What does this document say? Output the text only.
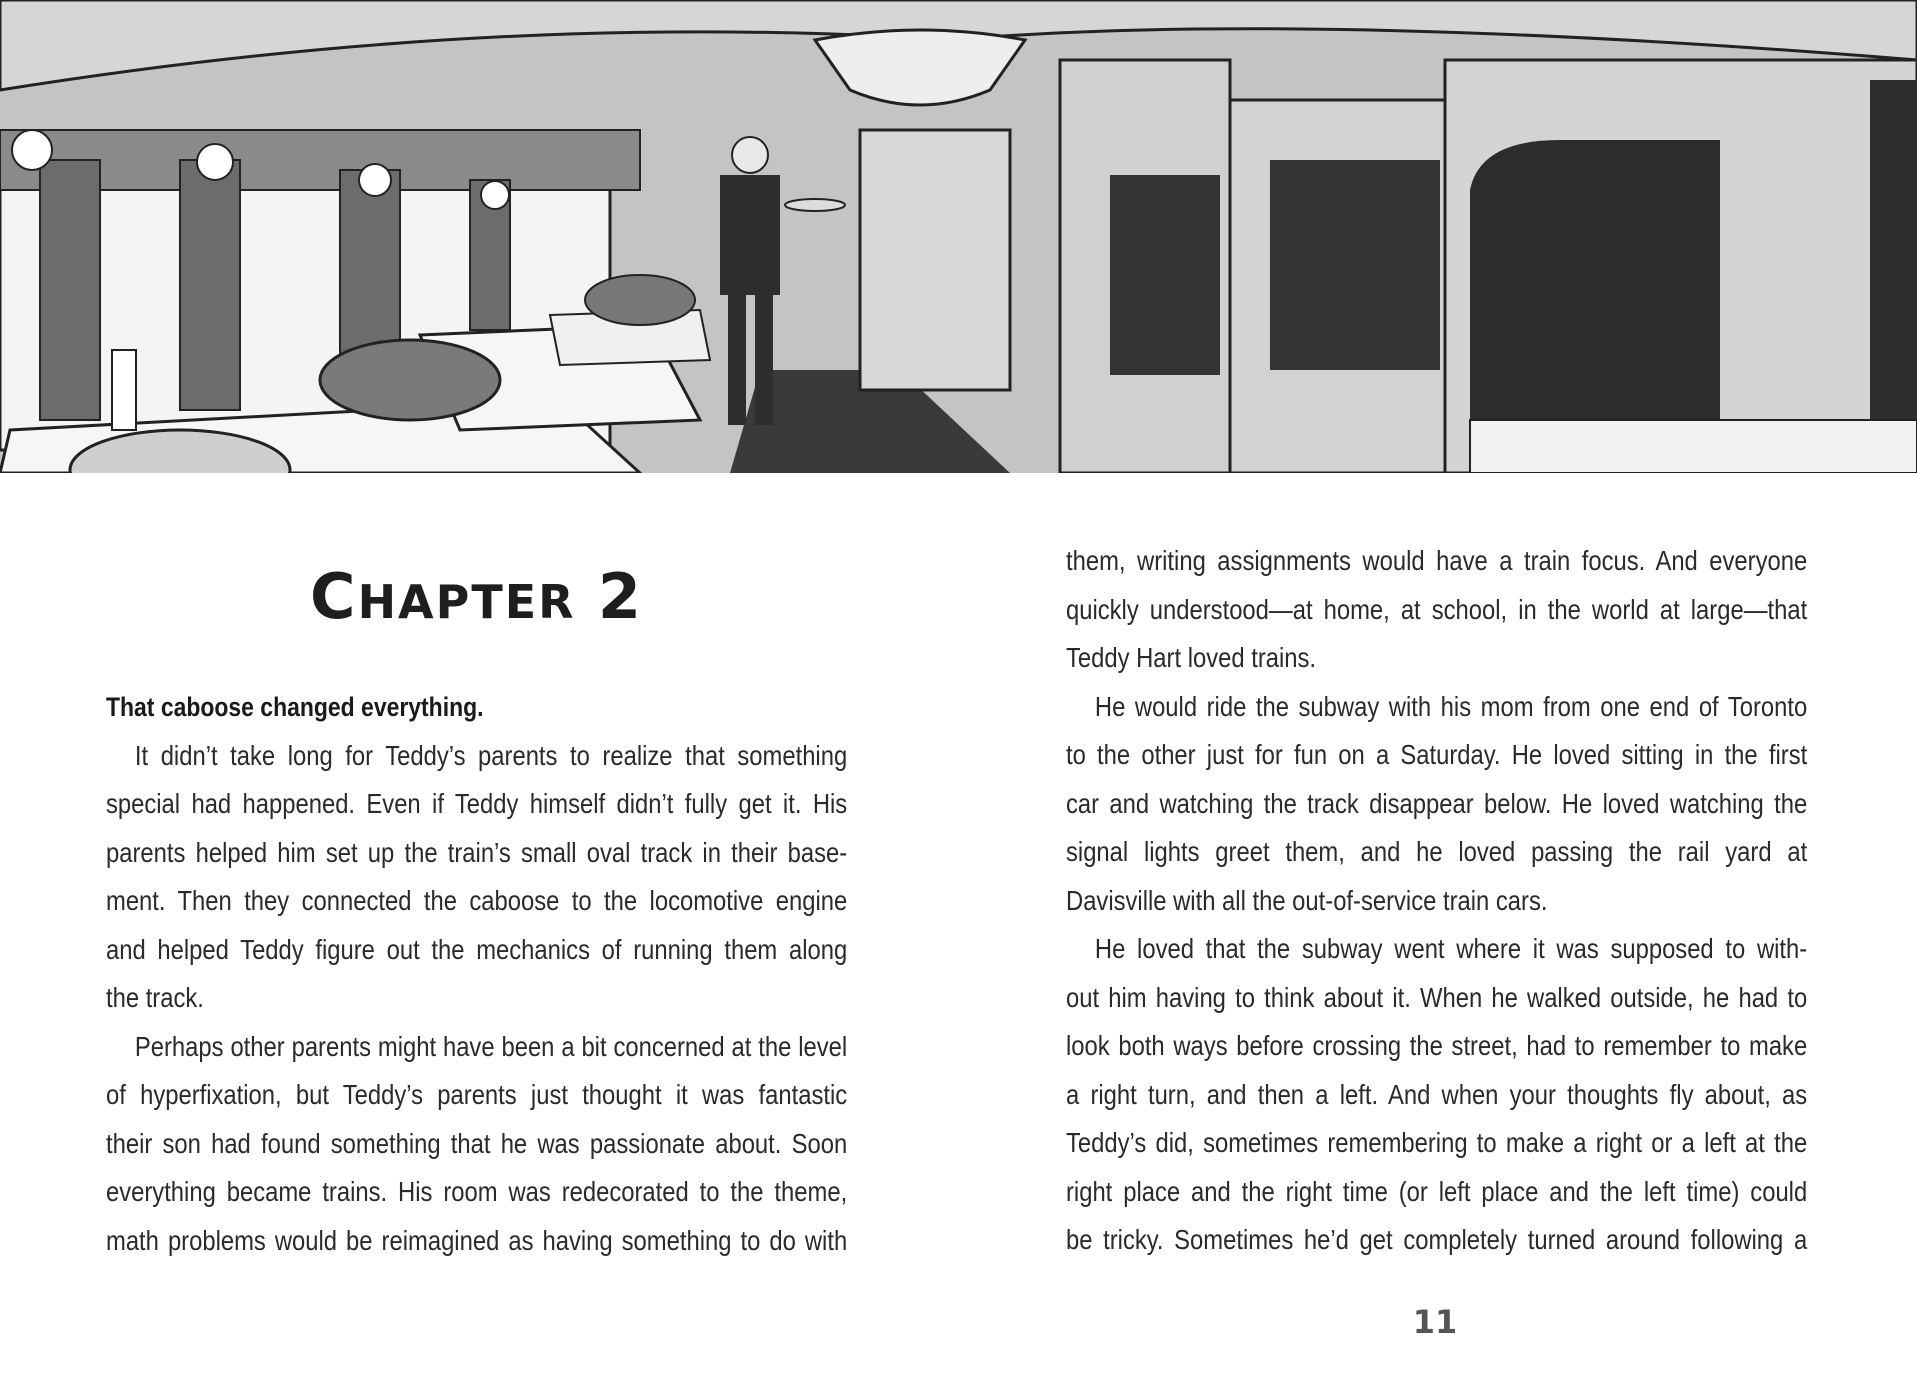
CHAPTER 2
That caboose changed everything.
It didn’t take long for Teddy’s parents to realize that something
special had happened. Even if Teddy himself didn’t fully get it. His
parents helped him set up the train’s small oval track in their base-
ment. Then they connected the caboose to the locomotive engine
and helped Teddy figure out the mechanics of running them along
the track.
Perhaps other parents might have been a bit concerned at the level
of hyperfixation, but Teddy’s parents just thought it was fantastic
their son had found something that he was passionate about. Soon
everything became trains. His room was redecorated to the theme,
math problems would be reimagined as having something to do with
them, writing assignments would have a train focus. And everyone
quickly understood—at home, at school, in the world at large—that
Teddy Hart loved trains.
He would ride the subway with his mom from one end of Toronto
to the other just for fun on a Saturday. He loved sitting in the first
car and watching the track disappear below. He loved watching the
signal lights greet them, and he loved passing the rail yard at
Davisville with all the out-of-service train cars.
He loved that the subway went where it was supposed to with-
out him having to think about it. When he walked outside, he had to
look both ways before crossing the street, had to remember to make
a right turn, and then a left. And when your thoughts fly about, as
Teddy’s did, sometimes remembering to make a right or a left at the
right place and the right time (or left place and the left time) could
be tricky. Sometimes he’d get completely turned around following a
11
